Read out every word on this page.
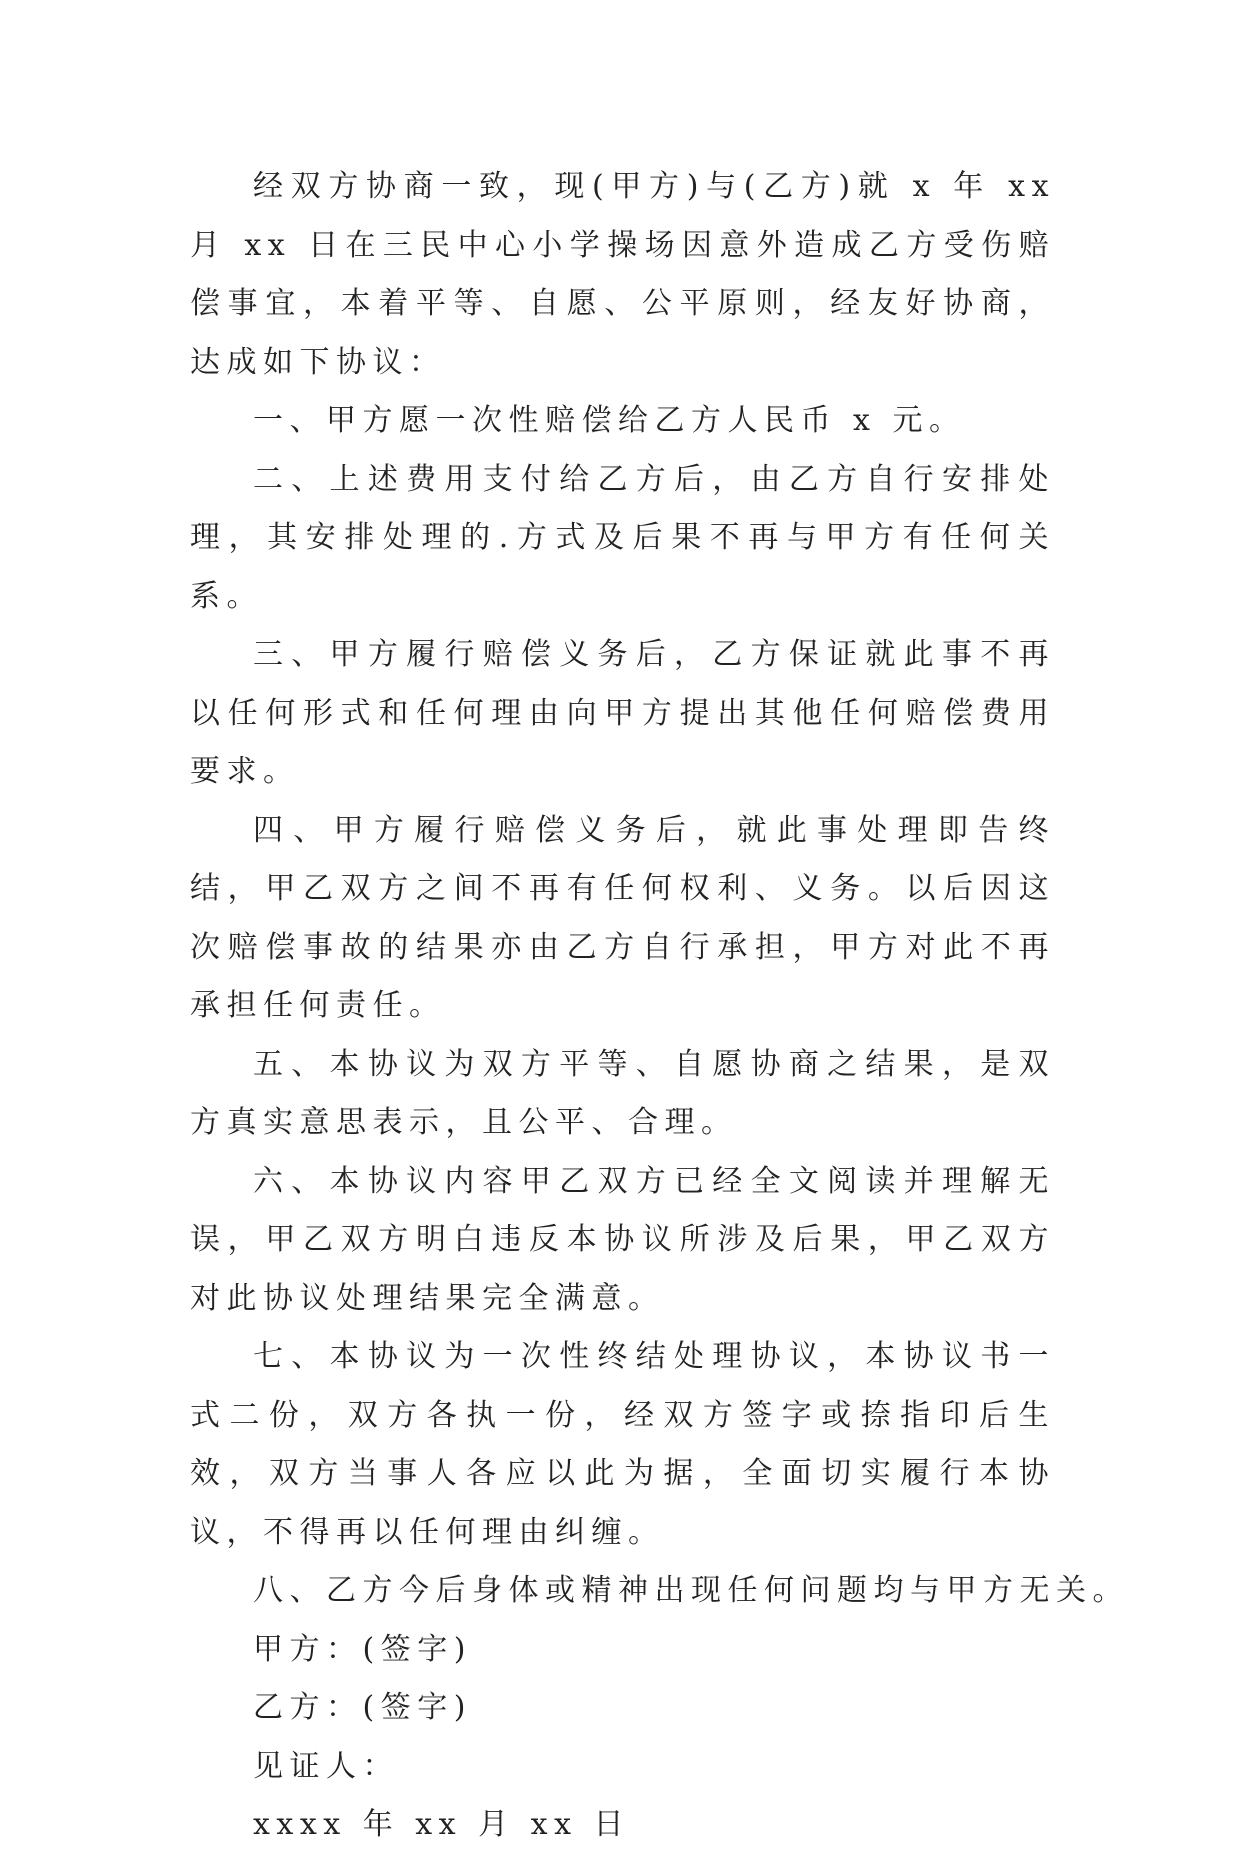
经双方协商一致，现(甲方)与(乙方)就 x 年 xx 月 xx 日在三民中心小学操场因意外造成乙方受伤赔偿事宜，本着平等、自愿、公平原则，经友好协商，达成如下协议：

一、甲方愿一次性赔偿给乙方人民币 x 元。

二、上述费用支付给乙方后，由乙方自行安排处理，其安排处理的.方式及后果不再与甲方有任何关系。

三、甲方履行赔偿义务后，乙方保证就此事不再以任何形式和任何理由向甲方提出其他任何赔偿费用要求。

四、甲方履行赔偿义务后，就此事处理即告终结，甲乙双方之间不再有任何权利、义务。以后因这次赔偿事故的结果亦由乙方自行承担，甲方对此不再承担任何责任。

五、本协议为双方平等、自愿协商之结果，是双方真实意思表示，且公平、合理。

六、本协议内容甲乙双方已经全文阅读并理解无误，甲乙双方明白违反本协议所涉及后果，甲乙双方对此协议处理结果完全满意。

七、本协议为一次性终结处理协议，本协议书一式二份，双方各执一份，经双方签字或捺指印后生效，双方当事人各应以此为据，全面切实履行本协议，不得再以任何理由纠缠。

八、乙方今后身体或精神出现任何问题均与甲方无关。

甲方：(签字)

乙方：(签字)

见证人：

xxxx 年 xx 月 xx 日
